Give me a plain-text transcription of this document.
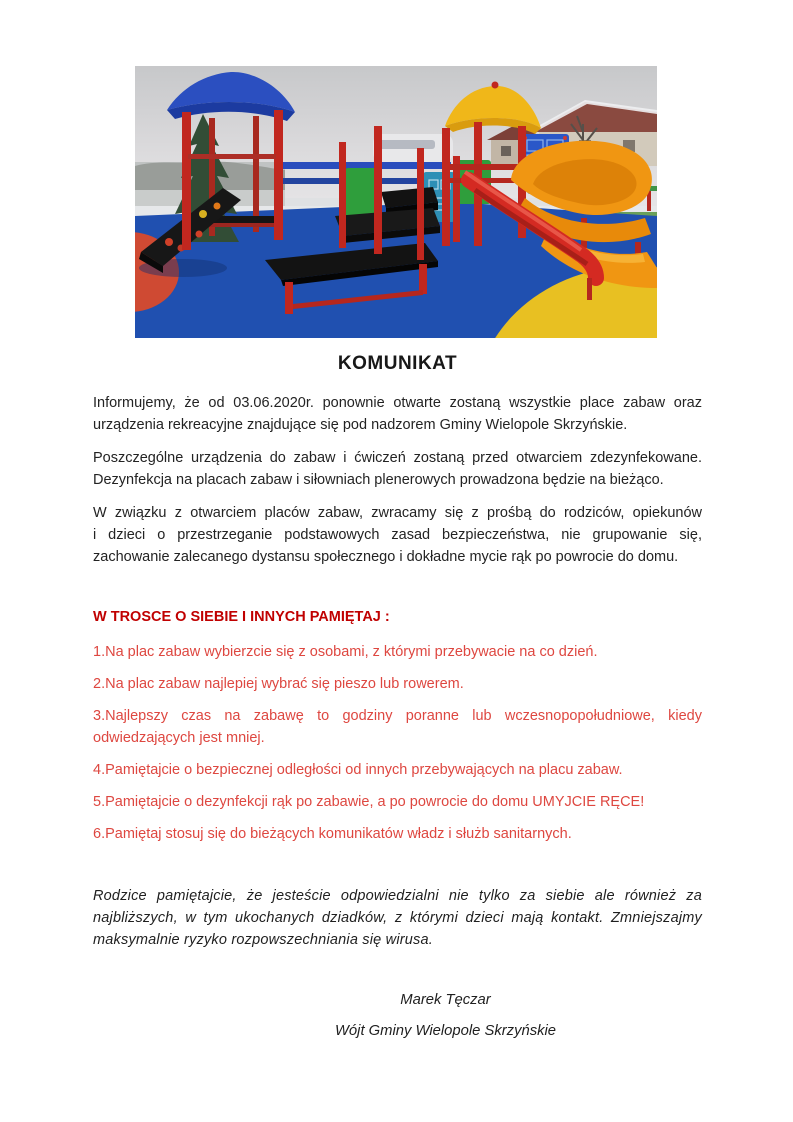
KOMUNIKAT
Informujemy, że od 03.06.2020r. ponownie otwarte zostaną wszystkie place zabaw oraz
urządzenia rekreacyjne znajdujące się pod nadzorem Gminy Wielopole Skrzyńskie.
Poszczególne urządzenia do zabaw i ćwiczeń zostaną przed otwarciem zdezynfekowane.
Dezynfekcja na placach zabaw i siłowniach plenerowych prowadzona będzie na bieżąco.
W związku z otwarciem placów zabaw, zwracamy się z prośbą do rodziców, opiekunów
i dzieci o przestrzeganie podstawowych zasad bezpieczeństwa, nie grupowanie się,
zachowanie zalecanego dystansu społecznego i dokładne mycie rąk po powrocie do domu.
W TROSCE O SIEBIE I INNYCH PAMIĘTAJ :
1.Na plac zabaw wybierzcie się z osobami, z którymi przebywacie na co dzień.
2.Na plac zabaw najlepiej wybrać się pieszo lub rowerem.
3.Najlepszy czas na zabawę to godziny poranne lub wczesnopopołudniowe, kiedy
odwiedzających jest mniej.
4.Pamiętajcie o bezpiecznej odległości od innych przebywających na placu zabaw.
5.Pamiętajcie o dezynfekcji rąk po zabawie, a po powrocie do domu UMYJCIE RĘCE!
6.Pamiętaj stosuj się do bieżących komunikatów władz i służb sanitarnych.
Rodzice pamiętajcie, że jesteście odpowiedzialni nie tylko za siebie ale również za
najbliższych, w tym ukochanych dziadków, z którymi dzieci mają kontakt. Zmniejszajmy
maksymalnie ryzyko rozpowszechniania się wirusa.
Marek Tęczar
Wójt Gminy Wielopole Skrzyńskie
